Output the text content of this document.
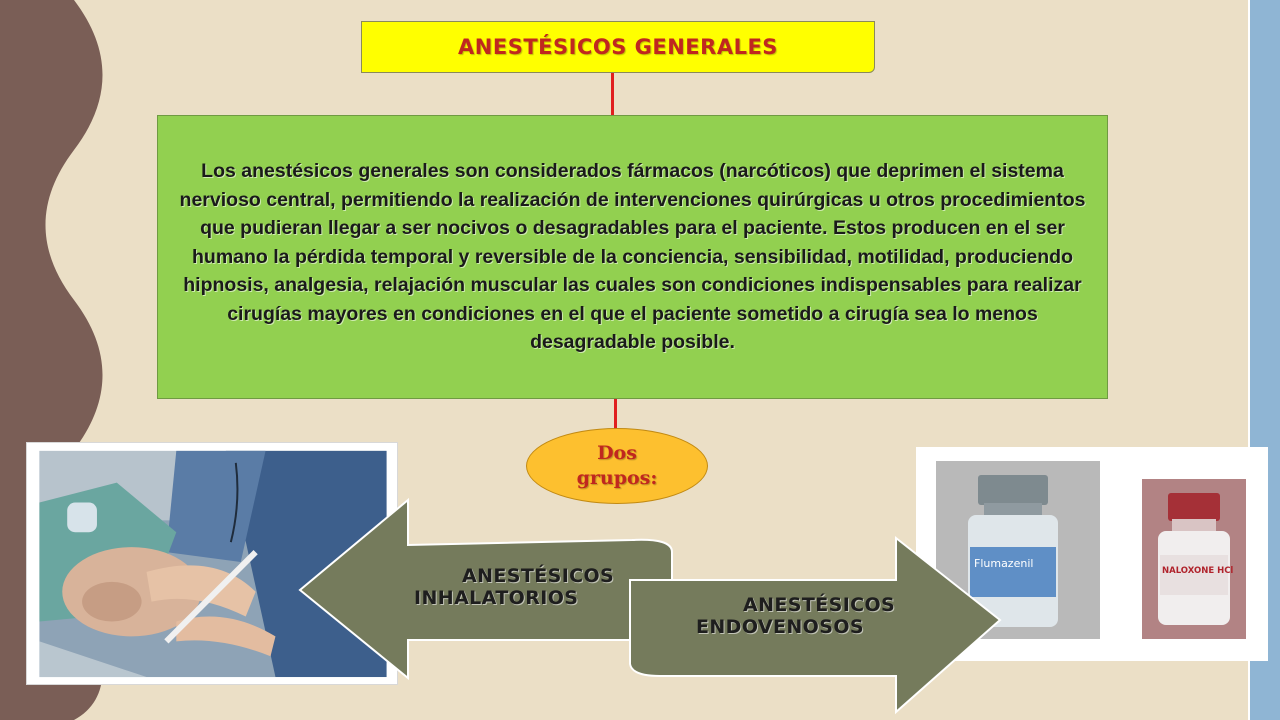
ANESTÉSICOS GENERALES

Los anestésicos generales son considerados fármacos (narcóticos) que deprimen el sistema nervioso central, permitiendo la realización de intervenciones quirúrgicas u otros procedimientos que pudieran llegar a ser nocivos o desagradables para el paciente. Estos producen en el ser humano la pérdida temporal y reversible de la conciencia, sensibilidad, motilidad, produciendo hipnosis, analgesia, relajación muscular las cuales son condiciones indispensables para realizar cirugías mayores en condiciones en el que el paciente sometido a cirugía sea lo menos desagradable posible.

Dos
grupos:
Flumazenil
NALOXONE HCl
ANESTÉSICOS
INHALATORIOS	ANESTÉSICOS
ENDOVENOSOS
